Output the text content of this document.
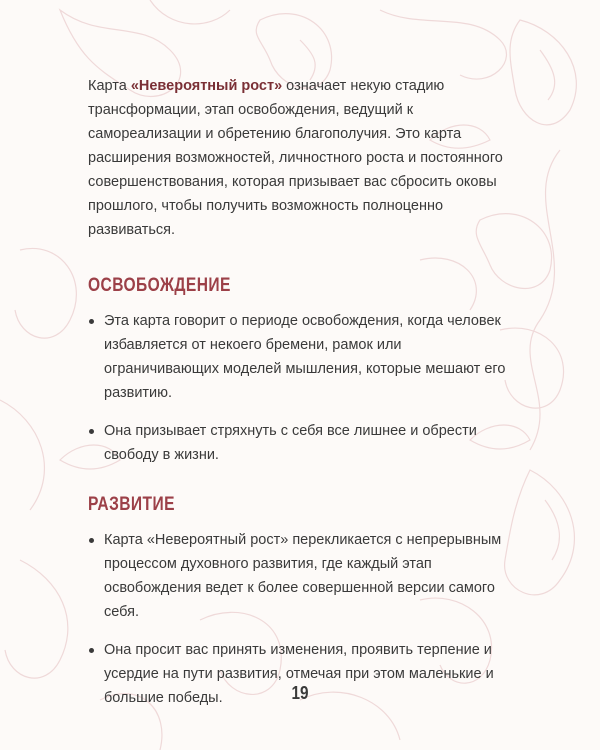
Карта «Невероятный рост» означает некую стадию трансформации, этап освобождения, ведущий к самореализации и обретению благополучия. Это карта расширения возможностей, личностного роста и постоянного совершенствования, которая призывает вас сбросить оковы прошлого, чтобы получить возможность полноценно развиваться.

ОСВОБОЖДЕНИЕ
Эта карта говорит о периоде освобождения, когда человек избавляется от некоего бремени, рамок или ограничивающих моделей мышления, которые мешают его развитию.
Она призывает стряхнуть с себя все лишнее и обрести свободу в жизни.
РАЗВИТИЕ
Карта «Невероятный рост» перекликается с непрерывным процессом духовного развития, где каждый этап освобождения ведет к более совершенной версии самого себя.
Она просит вас принять изменения, проявить терпение и усердие на пути развития, отмечая при этом маленькие и большие победы.	19
